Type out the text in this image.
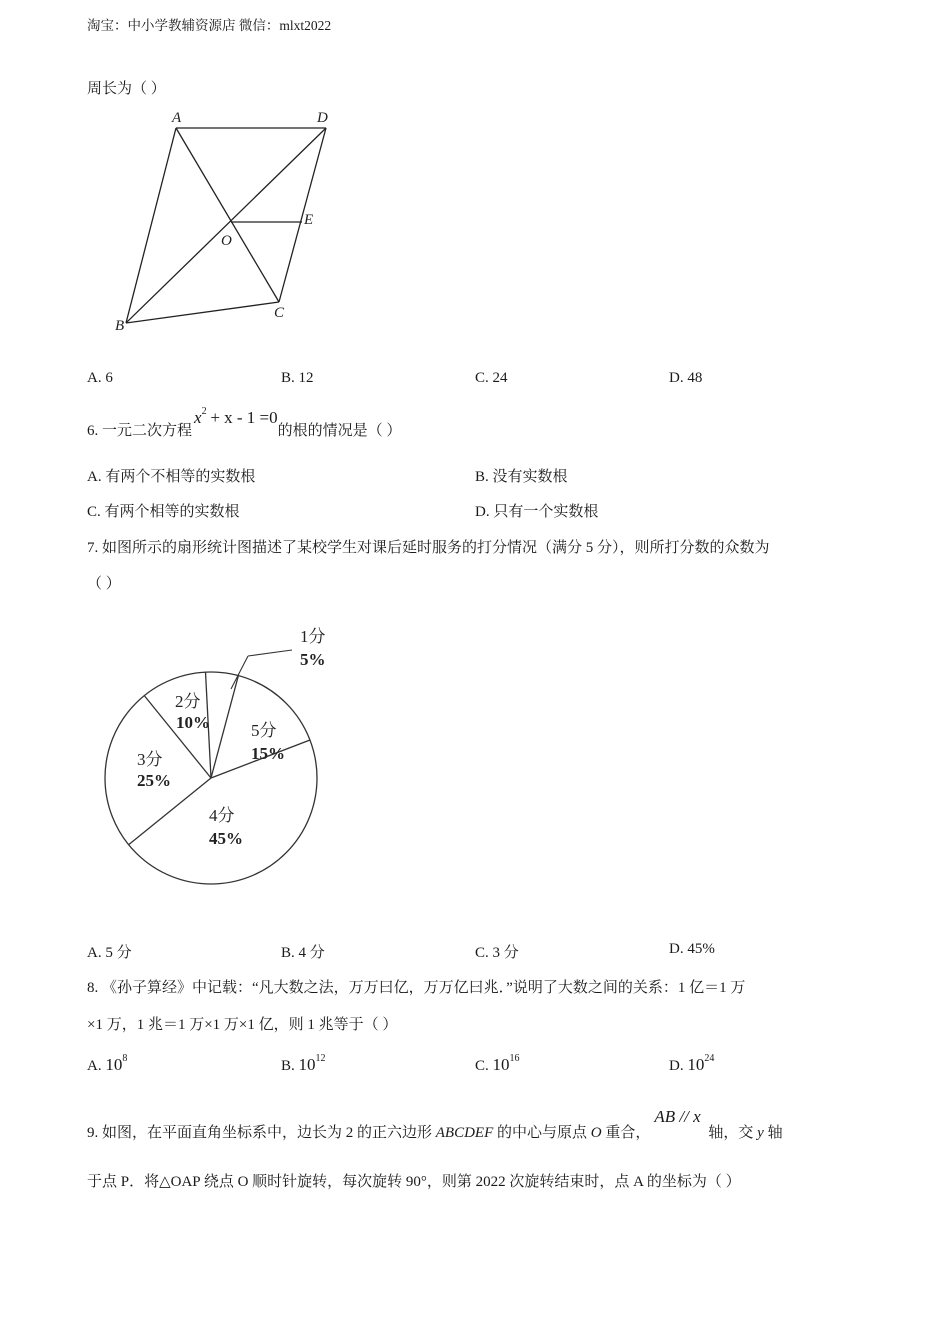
淘宝：中小学教辅资源店 微信：mlxt2022
周长为（ ）
A	D
O
E
B
C
A. 6	B. 12	C. 24	D. 48
6. 一元二次方程$x^2 + x - 1 =0$的根的情况是（ ）
A. 有两个不相等的实数根	B. 没有实数根
C. 有两个相等的实数根	D. 只有一个实数根
7. 如图所示的扇形统计图描述了某校学生对课后延时服务的打分情况（满分 5 分），则所打分数的众数为
（ ）
1分
5%
2分
10%
3分
25%
4分
45%
5分
15%
A. 5 分	B. 4 分	C. 3 分	D. 45%
8. 《孙子算经》中记载：“凡大数之法，万万曰亿，万万亿曰兆．”说明了大数之间的关系：1 亿＝1 万
×1 万，1 兆＝1 万×1 万×1 亿，则 1 兆等于（ ）
A. $10^8$	B. $10^{12}$	C. $10^{16}$	D. $10^{24}$
9. 如图，在平面直角坐标系中，边长为 2 的正六边形 ABCDEF 的中心与原点 O 重合，AB // x 轴，交 y 轴
于点 P．将△OAP 绕点 O 顺时针旋转，每次旋转 90°，则第 2022 次旋转结束时，点 A 的坐标为（ ）
